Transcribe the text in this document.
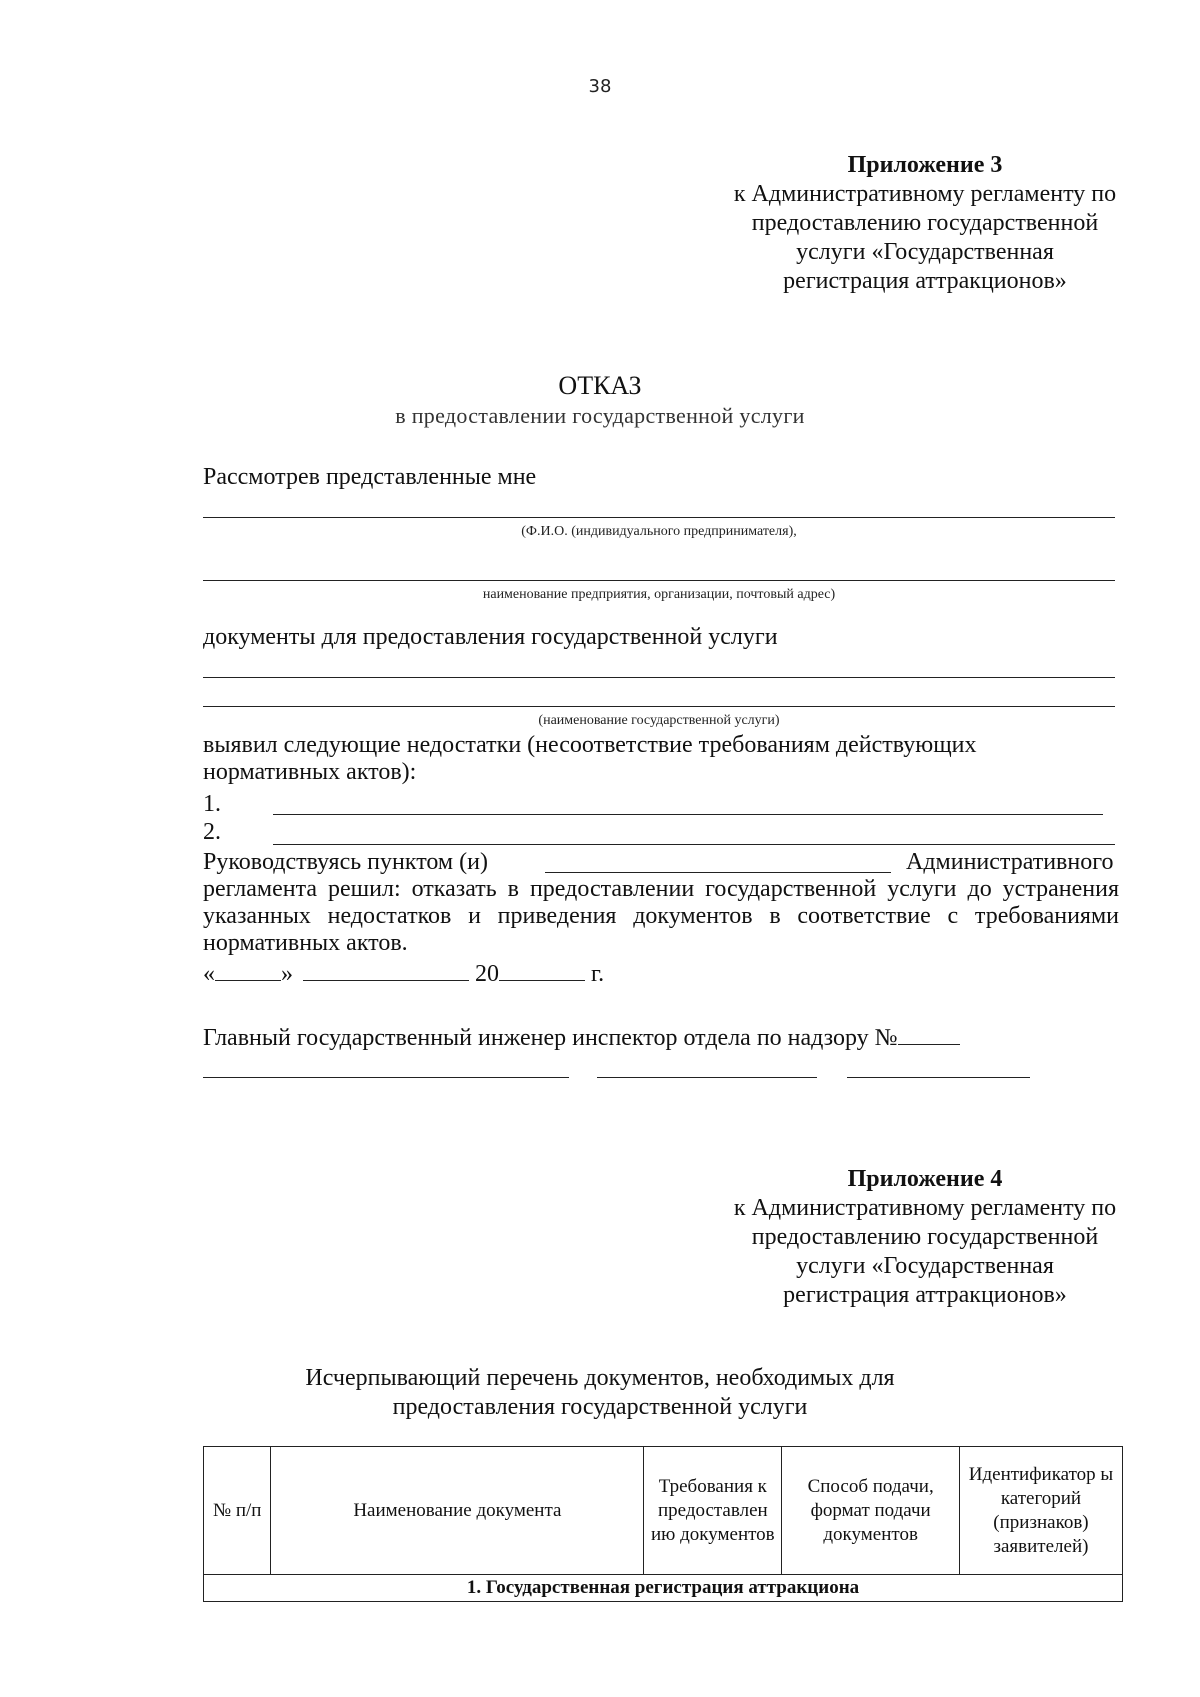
38
Приложение 3
к Административному регламенту по
предоставлению государственной
услуги «Государственная
регистрация аттракционов»
ОТКАЗ
в предоставлении государственной услуги
Рассмотрев представленные мне
(Ф.И.О. (индивидуального предпринимателя),
наименование предприятия, организации, почтовый адрес)
документы для предоставления государственной услуги
(наименование государственной услуги)
выявил следующие недостатки (несоответствие требованиям действующих
нормативных актов):
1.
2.
Руководствуясь пунктом (и)	Административного
регламента решил: отказать в предоставлении государственной услуги до устранения
указанных недостатков и приведения документов в соответствие с требованиями
нормативных актов.
«	»	20	г.
Главный государственный инженер инспектор отдела по надзору №
Приложение 4
к Административному регламенту по
предоставлению государственной
услуги «Государственная
регистрация аттракционов»
Исчерпывающий перечень документов, необходимых для
предоставления государственной услуги
№ п/п	Наименование документа	Требования к предоставлен ию документов	Способ подачи, формат подачи документов	Идентификатор ы категорий (признаков) заявителей)
1. Государственная регистрация аттракциона
